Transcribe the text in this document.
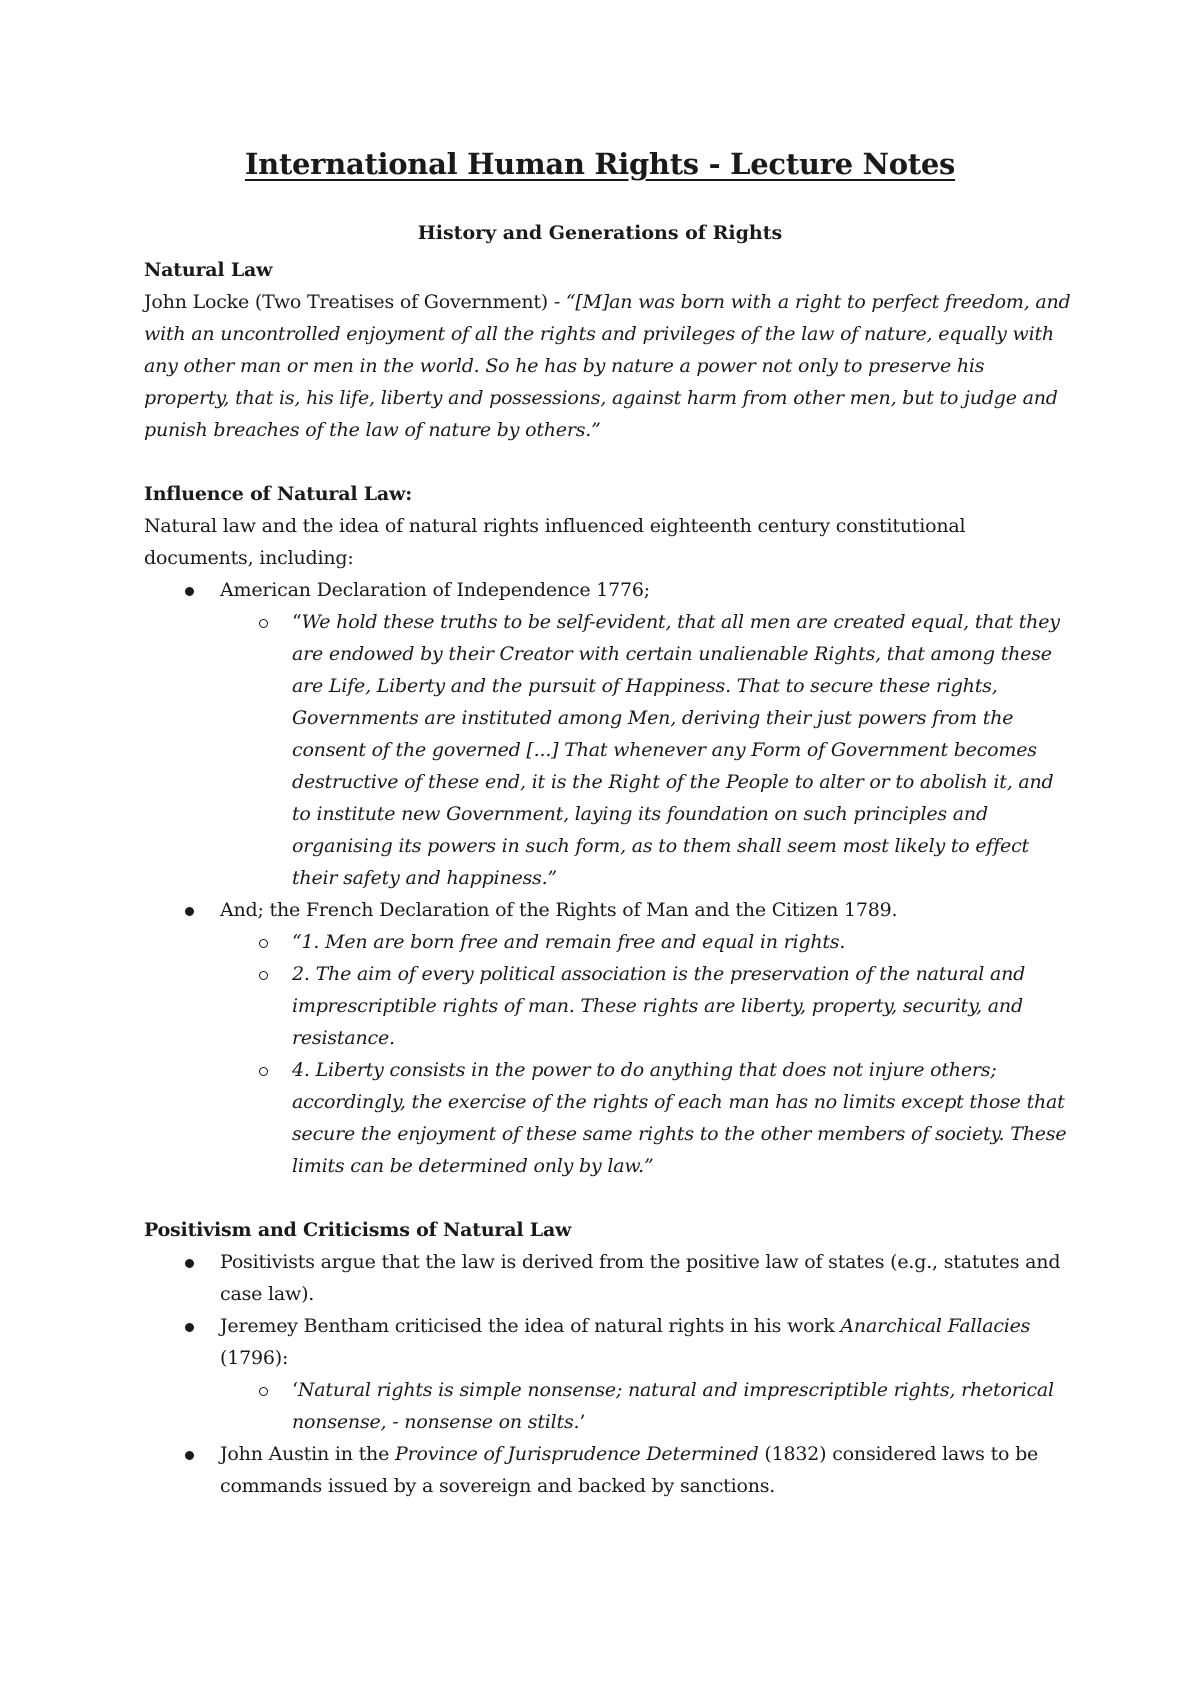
International Human Rights - Lecture Notes
History and Generations of Rights
Natural Law
John Locke (Two Treatises of Government) - “[M]an was born with a right to perfect freedom, and with an uncontrolled enjoyment of all the rights and privileges of the law of nature, equally with any other man or men in the world. So he has by nature a power not only to preserve his property, that is, his life, liberty and possessions, against harm from other men, but to judge and punish breaches of the law of nature by others.”
Influence of Natural Law:
Natural law and the idea of natural rights influenced eighteenth century constitutional documents, including:
American Declaration of Independence 1776;
“We hold these truths to be self-evident, that all men are created equal, that they are endowed by their Creator with certain unalienable Rights, that among these are Life, Liberty and the pursuit of Happiness. That to secure these rights, Governments are instituted among Men, deriving their just powers from the consent of the governed [...] That whenever any Form of Government becomes destructive of these end, it is the Right of the People to alter or to abolish it, and to institute new Government, laying its foundation on such principles and organising its powers in such form, as to them shall seem most likely to effect their safety and happiness.”
And; the French Declaration of the Rights of Man and the Citizen 1789.
“1. Men are born free and remain free and equal in rights.
2. The aim of every political association is the preservation of the natural and imprescriptible rights of man. These rights are liberty, property, security, and resistance.
4. Liberty consists in the power to do anything that does not injure others; accordingly, the exercise of the rights of each man has no limits except those that secure the enjoyment of these same rights to the other members of society. These limits can be determined only by law.”
Positivism and Criticisms of Natural Law
Positivists argue that the law is derived from the positive law of states (e.g., statutes and case law).
Jeremey Bentham criticised the idea of natural rights in his work Anarchical Fallacies (1796):
‘Natural rights is simple nonsense; natural and imprescriptible rights, rhetorical nonsense, - nonsense on stilts.’
John Austin in the Province of Jurisprudence Determined (1832) considered laws to be commands issued by a sovereign and backed by sanctions.
